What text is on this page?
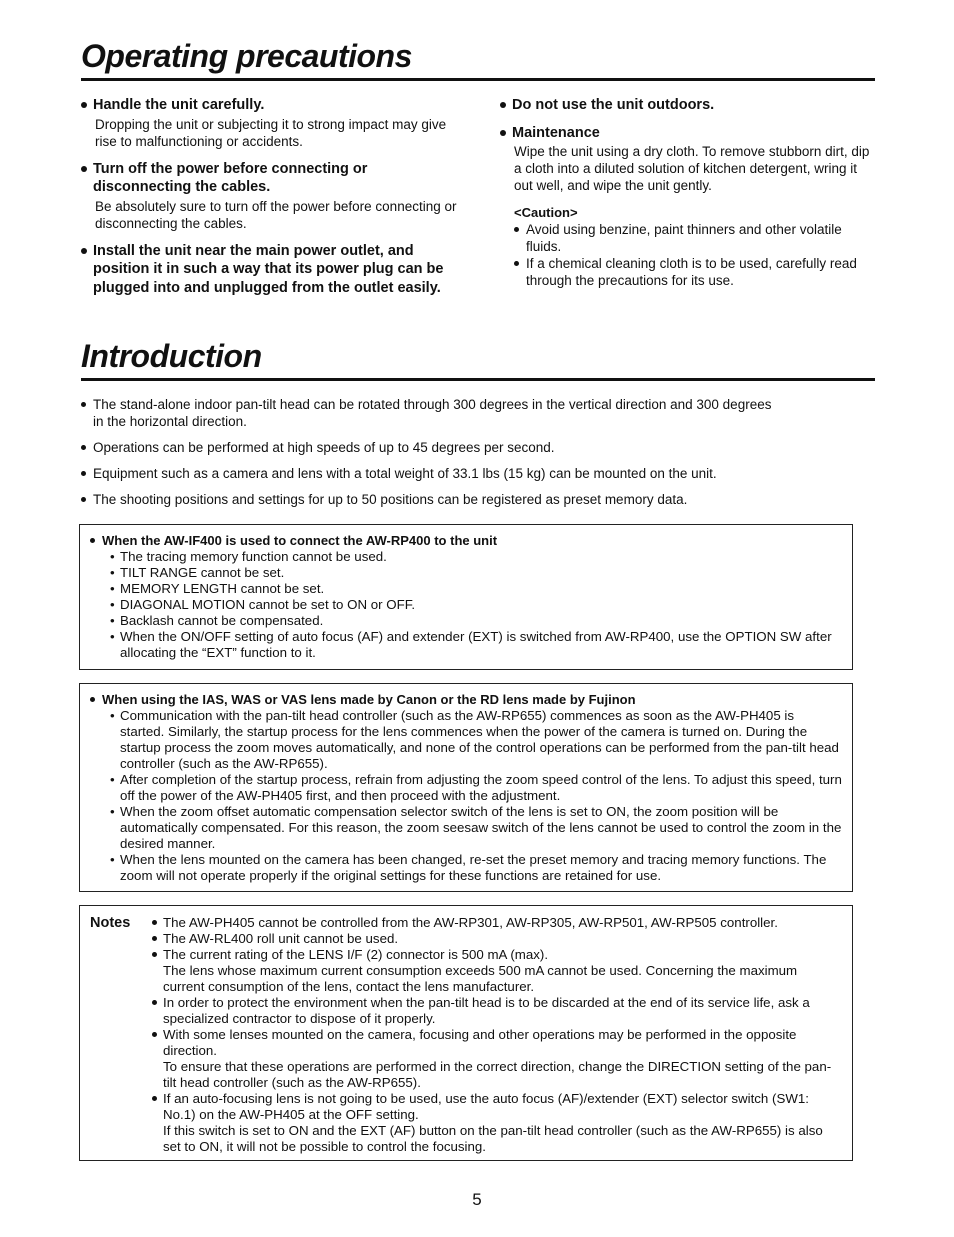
Operating precautions
Handle the unit carefully.
Dropping the unit or subjecting it to strong impact may give rise to malfunctioning or accidents.
Turn off the power before connecting or disconnecting the cables.
Be absolutely sure to turn off the power before connecting or disconnecting the cables.
Install the unit near the main power outlet, and position it in such a way that its power plug can be plugged into and unplugged from the outlet easily.
Do not use the unit outdoors.
Maintenance
Wipe the unit using a dry cloth. To remove stubborn dirt, dip a cloth into a diluted solution of kitchen detergent, wring it out well, and wipe the unit gently.
<Caution>
Avoid using benzine, paint thinners and other volatile fluids.
If a chemical cleaning cloth is to be used, carefully read through the precautions for its use.
Introduction
The stand-alone indoor pan-tilt head can be rotated through 300 degrees in the vertical direction and 300 degrees in the horizontal direction.
Operations can be performed at high speeds of up to 45 degrees per second.
Equipment such as a camera and lens with a total weight of 33.1 lbs (15 kg) can be mounted on the unit.
The shooting positions and settings for up to 50 positions can be registered as preset memory data.
When the AW-IF400 is used to connect the AW-RP400 to the unit
• The tracing memory function cannot be used.
• TILT RANGE cannot be set.
• MEMORY LENGTH cannot be set.
• DIAGONAL MOTION cannot be set to ON or OFF.
• Backlash cannot be compensated.
• When the ON/OFF setting of auto focus (AF) and extender (EXT) is switched from AW-RP400, use the OPTION SW after allocating the “EXT” function to it.
When using the IAS, WAS or VAS lens made by Canon or the RD lens made by Fujinon
• Communication with the pan-tilt head controller (such as the AW-RP655) commences as soon as the AW-PH405 is started. Similarly, the startup process for the lens commences when the power of the camera is turned on. During the startup process the zoom moves automatically, and none of the control operations can be performed from the pan-tilt head controller (such as the AW-RP655).
• After completion of the startup process, refrain from adjusting the zoom speed control of the lens. To adjust this speed, turn off the power of the AW-PH405 first, and then proceed with the adjustment.
• When the zoom offset automatic compensation selector switch of the lens is set to ON, the zoom position will be automatically compensated. For this reason, the zoom seesaw switch of the lens cannot be used to control the zoom in the desired manner.
• When the lens mounted on the camera has been changed, re-set the preset memory and tracing memory functions. The zoom will not operate properly if the original settings for these functions are retained for use.
Notes	The AW-PH405 cannot be controlled from the AW-RP301, AW-RP305, AW-RP501, AW-RP505 controller.
The AW-RL400 roll unit cannot be used.
The current rating of the LENS I/F (2) connector is 500 mA (max).
The lens whose maximum current consumption exceeds 500 mA cannot be used. Concerning the maximum current consumption of the lens, contact the lens manufacturer.
In order to protect the environment when the pan-tilt head is to be discarded at the end of its service life, ask a specialized contractor to dispose of it properly.
With some lenses mounted on the camera, focusing and other operations may be performed in the opposite direction.
To ensure that these operations are performed in the correct direction, change the DIRECTION setting of the pan-tilt head controller (such as the AW-RP655).
If an auto-focusing lens is not going to be used, use the auto focus (AF)/extender (EXT) selector switch (SW1: No.1) on the AW-PH405 at the OFF setting.
If this switch is set to ON and the EXT (AF) button on the pan-tilt head controller (such as the AW-RP655) is also set to ON, it will not be possible to control the focusing.
5
